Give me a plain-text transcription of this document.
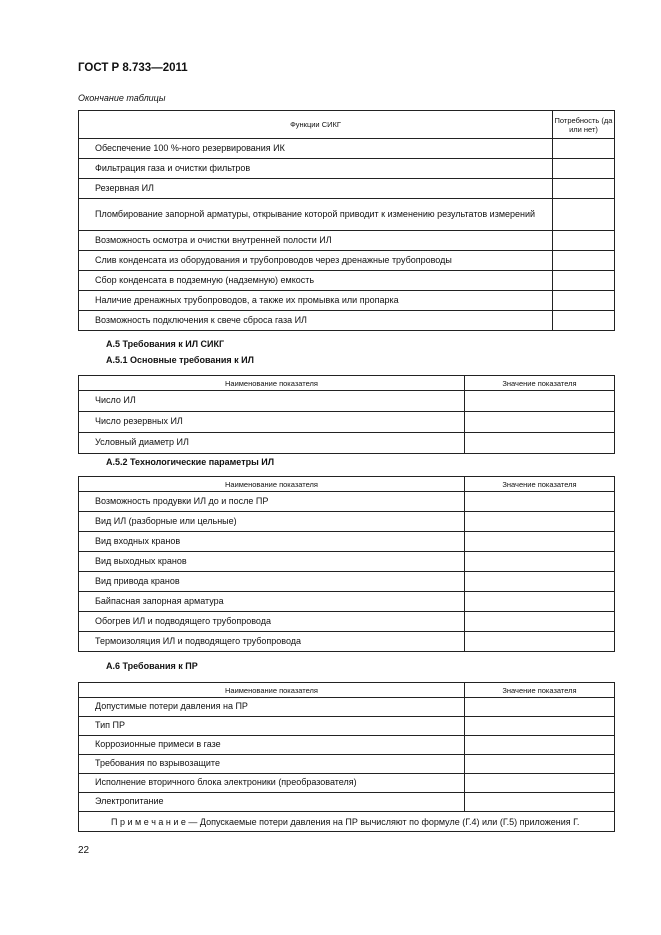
ГОСТ Р 8.733—2011
Окончание таблицы
Функции СИКГ	Потребность (да или нет)
Обеспечение 100 %-ного резервирования ИК	
Фильтрация газа и очистки фильтров	
Резервная ИЛ	
Пломбирование запорной арматуры, открывание которой приводит к изменению результатов измерений	
Возможность осмотра и очистки внутренней полости ИЛ	
Слив конденсата из оборудования и трубопроводов через дренажные трубопроводы	
Сбор конденсата в подземную (надземную) емкость	
Наличие дренажных трубопроводов, а также их промывка или пропарка	
Возможность подключения к свече сброса газа ИЛ	
А.5 Требования к ИЛ СИКГ
А.5.1 Основные требования к ИЛ
Наименование показателя	Значение показателя
Число ИЛ	
Число резервных ИЛ	
Условный диаметр ИЛ	
А.5.2 Технологические параметры ИЛ
Наименование показателя	Значение показателя
Возможность продувки ИЛ до и после ПР	
Вид ИЛ (разборные или цельные)	
Вид входных кранов	
Вид выходных кранов	
Вид привода кранов	
Байпасная запорная арматура	
Обогрев ИЛ и подводящего трубопровода	
Термоизоляция ИЛ и подводящего трубопровода	
А.6 Требования к ПР
Наименование показателя	Значение показателя
Допустимые потери давления на ПР	
Тип ПР	
Коррозионные примеси в газе	
Требования по взрывозащите	
Исполнение вторичного блока электроники (преобразователя)	
Электропитание	
П р и м е ч а н и е — Допускаемые потери давления на ПР вычисляют по формуле (Г.4) или (Г.5) приложения Г.	
22
